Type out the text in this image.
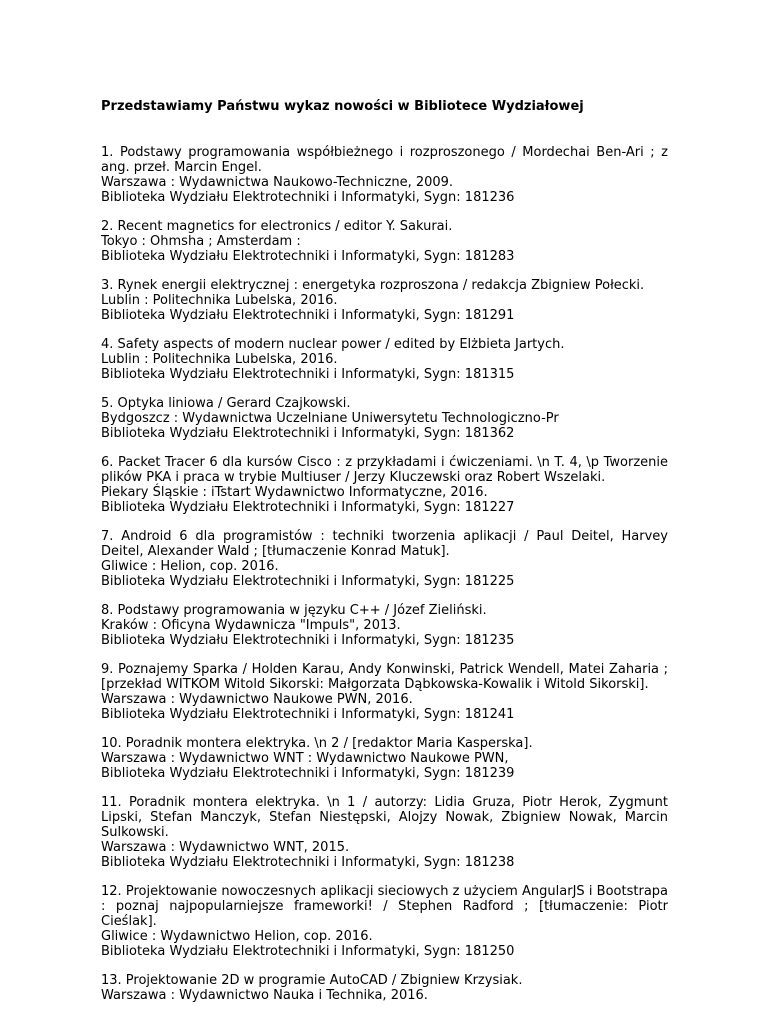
Przedstawiamy Państwu wykaz nowości w Bibliotece Wydziałowej
1. Podstawy programowania współbieżnego i rozproszonego / Mordechai Ben-Ari ; z ang. przeł. Marcin Engel.
Warszawa : Wydawnictwa Naukowo-Techniczne, 2009.
Biblioteka Wydziału Elektrotechniki i Informatyki, Sygn: 181236
2. Recent magnetics for electronics / editor Y. Sakurai.
Tokyo : Ohmsha ; Amsterdam :
Biblioteka Wydziału Elektrotechniki i Informatyki, Sygn: 181283
3. Rynek energii elektrycznej : energetyka rozproszona / redakcja Zbigniew Połecki.
Lublin : Politechnika Lubelska, 2016.
Biblioteka Wydziału Elektrotechniki i Informatyki, Sygn: 181291
4. Safety aspects of modern nuclear power / edited by Elżbieta Jartych.
Lublin : Politechnika Lubelska, 2016.
Biblioteka Wydziału Elektrotechniki i Informatyki, Sygn: 181315
5. Optyka liniowa / Gerard Czajkowski.
Bydgoszcz : Wydawnictwa Uczelniane Uniwersytetu Technologiczno-Pr
Biblioteka Wydziału Elektrotechniki i Informatyki, Sygn: 181362
6. Packet Tracer 6 dla kursów Cisco : z przykładami i ćwiczeniami. \n T. 4, \p Tworzenie plików PKA i praca w trybie Multiuser / Jerzy Kluczewski oraz Robert Wszelaki.
Piekary Śląskie : iTstart Wydawnictwo Informatyczne, 2016.
Biblioteka Wydziału Elektrotechniki i Informatyki, Sygn: 181227
7. Android 6 dla programistów : techniki tworzenia aplikacji / Paul Deitel, Harvey Deitel, Alexander Wald ; [tłumaczenie Konrad Matuk].
Gliwice : Helion, cop. 2016.
Biblioteka Wydziału Elektrotechniki i Informatyki, Sygn: 181225
8. Podstawy programowania w języku C++ / Józef Zieliński.
Kraków : Oficyna Wydawnicza "Impuls", 2013.
Biblioteka Wydziału Elektrotechniki i Informatyki, Sygn: 181235
9. Poznajemy Sparka / Holden Karau, Andy Konwinski, Patrick Wendell, Matei Zaharia ; [przekład WITKOM Witold Sikorski: Małgorzata Dąbkowska-Kowalik i Witold Sikorski].
Warszawa : Wydawnictwo Naukowe PWN, 2016.
Biblioteka Wydziału Elektrotechniki i Informatyki, Sygn: 181241
10. Poradnik montera elektryka. \n 2 / [redaktor Maria Kasperska].
Warszawa : Wydawnictwo WNT : Wydawnictwo Naukowe PWN,
Biblioteka Wydziału Elektrotechniki i Informatyki, Sygn: 181239
11. Poradnik montera elektryka. \n 1 / autorzy: Lidia Gruza, Piotr Herok, Zygmunt Lipski, Stefan Manczyk, Stefan Niestępski, Alojzy Nowak, Zbigniew Nowak, Marcin Sulkowski.
Warszawa : Wydawnictwo WNT, 2015.
Biblioteka Wydziału Elektrotechniki i Informatyki, Sygn: 181238
12. Projektowanie nowoczesnych aplikacji sieciowych z użyciem AngularJS i Bootstrapa : poznaj najpopularniejsze frameworki! / Stephen Radford ; [tłumaczenie: Piotr Cieślak].
Gliwice : Wydawnictwo Helion, cop. 2016.
Biblioteka Wydziału Elektrotechniki i Informatyki, Sygn: 181250
13. Projektowanie 2D w programie AutoCAD / Zbigniew Krzysiak.
Warszawa : Wydawnictwo Nauka i Technika, 2016.
